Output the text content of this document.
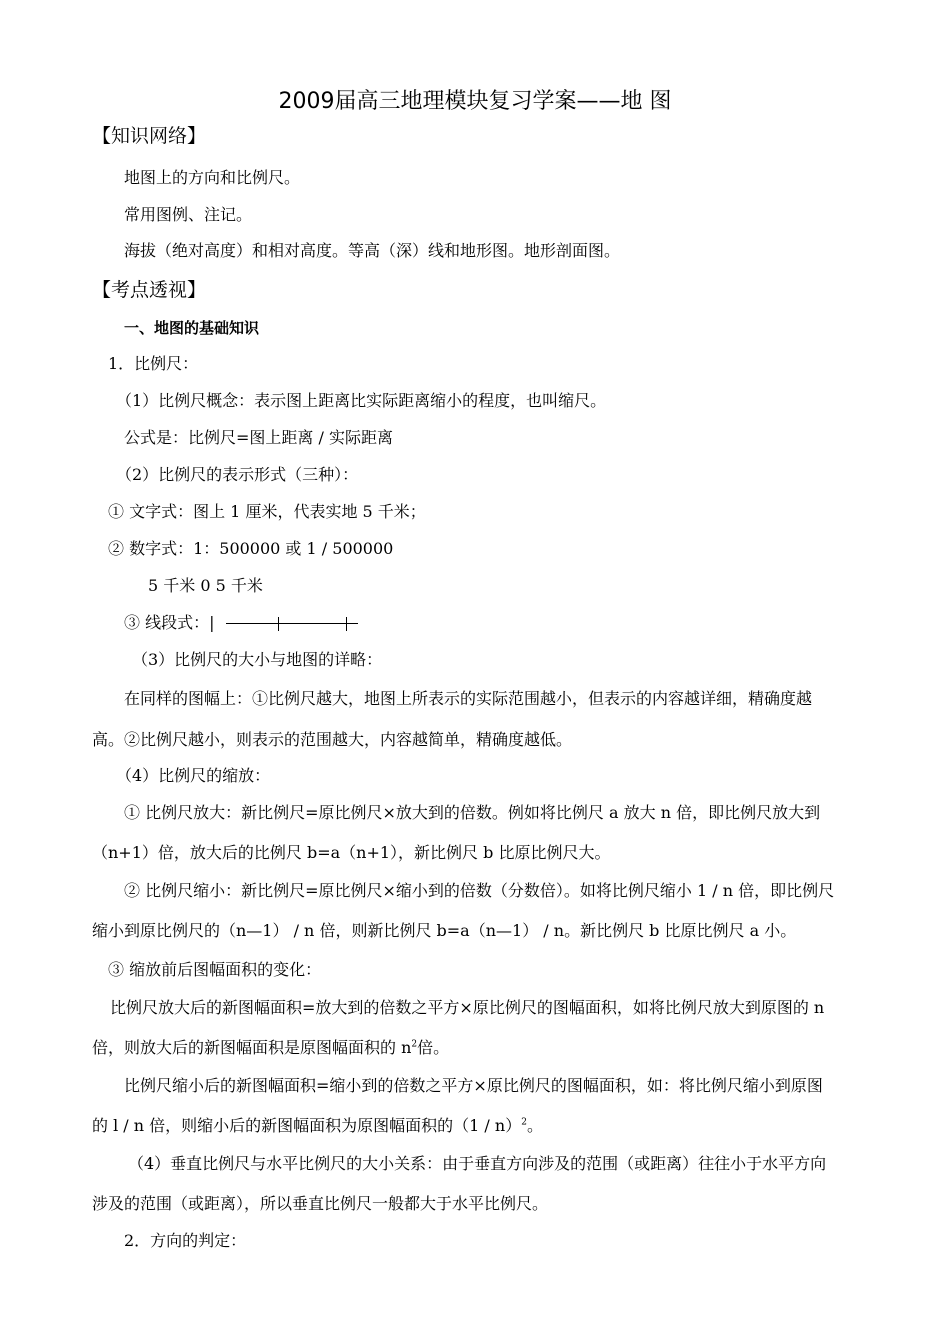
2009届高三地理模块复习学案——地 图
【知识网络】
地图上的方向和比例尺。
常用图例、注记。
海拔（绝对高度）和相对高度。等高（深）线和地形图。地形剖面图。
【考点透视】
一、地图的基础知识
1．比例尺：
（1）比例尺概念：表示图上距离比实际距离缩小的程度，也叫缩尺。
公式是：比例尺=图上距离 / 实际距离
（2）比例尺的表示形式（三种）：
① 文字式：图上 1 厘米，代表实地 5 千米；
② 数字式：1：500000 或 1 / 500000
5 千米 0 5 千米
③ 线段式：|
（3）比例尺的大小与地图的详略：
在同样的图幅上：①比例尺越大，地图上所表示的实际范围越小，但表示的内容越详细，精确度越
高。②比例尺越小，则表示的范围越大，内容越简单，精确度越低。
（4）比例尺的缩放：
① 比例尺放大：新比例尺=原比例尺×放大到的倍数。例如将比例尺 a 放大 n 倍，即比例尺放大到
（n+1）倍，放大后的比例尺 b=a（n+1），新比例尺 b 比原比例尺大。
② 比例尺缩小：新比例尺=原比例尺×缩小到的倍数（分数倍）。如将比例尺缩小 1 / n 倍，即比例尺
缩小到原比例尺的（n—1） / n 倍，则新比例尺 b=a（n—1） / n。新比例尺 b 比原比例尺 a 小。
③ 缩放前后图幅面积的变化：
比例尺放大后的新图幅面积=放大到的倍数之平方×原比例尺的图幅面积，如将比例尺放大到原图的 n
倍，则放大后的新图幅面积是原图幅面积的 $n^2$倍。
比例尺缩小后的新图幅面积=缩小到的倍数之平方×原比例尺的图幅面积，如：将比例尺缩小到原图
的 l / n 倍，则缩小后的新图幅面积为原图幅面积的（1 / n）$^2$。
（4）垂直比例尺与水平比例尺的大小关系：由于垂直方向涉及的范围（或距离）往往小于水平方向
涉及的范围（或距离），所以垂直比例尺一般都大于水平比例尺。
2．方向的判定：
